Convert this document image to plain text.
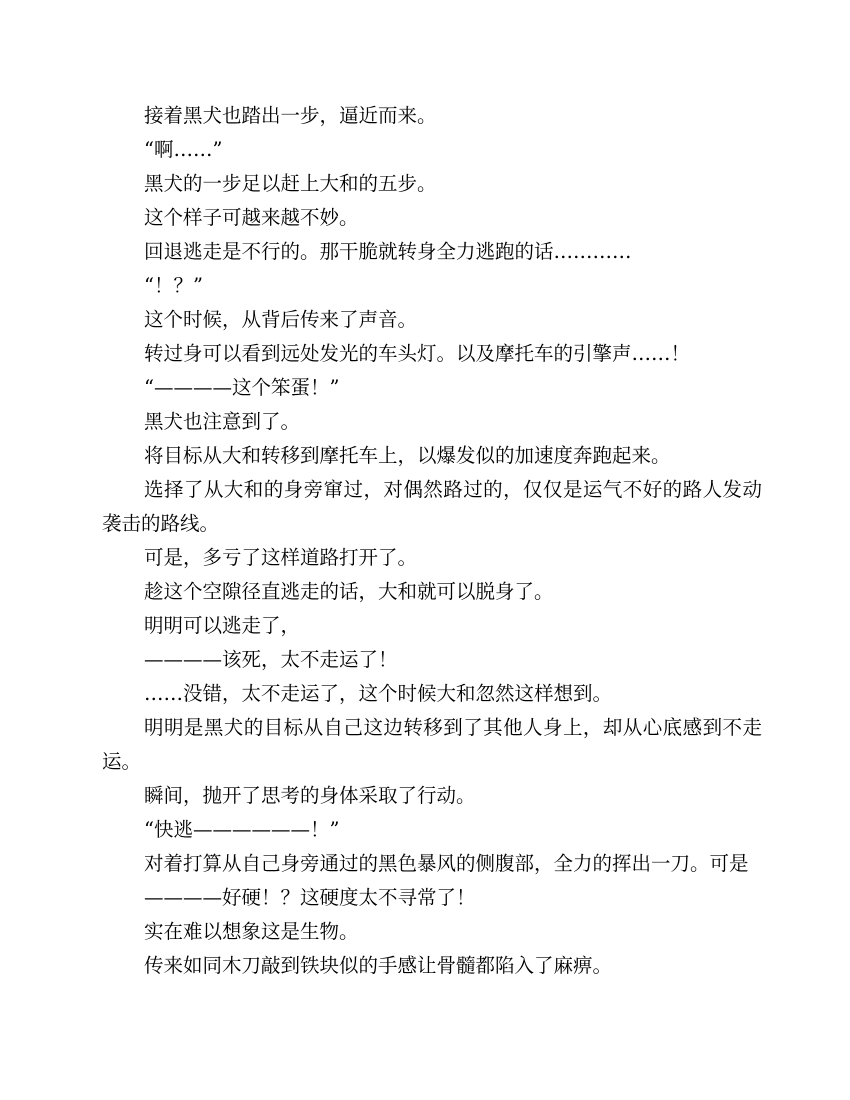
接着黑犬也踏出一步，逼近而来。

“啊……”

黑犬的一步足以赶上大和的五步。

这个样子可越来越不妙。

回退逃走是不行的。那干脆就转身全力逃跑的话…………

“！？”

这个时候，从背后传来了声音。

转过身可以看到远处发光的车头灯。以及摩托车的引擎声……！

“————这个笨蛋！”

黑犬也注意到了。

将目标从大和转移到摩托车上，以爆发似的加速度奔跑起来。

选择了从大和的身旁窜过，对偶然路过的，仅仅是运气不好的路人发动袭击的路线。

可是，多亏了这样道路打开了。

趁这个空隙径直逃走的话，大和就可以脱身了。

明明可以逃走了，

————该死，太不走运了！

……没错，太不走运了，这个时候大和忽然这样想到。

明明是黑犬的目标从自己这边转移到了其他人身上，却从心底感到不走运。

瞬间，抛开了思考的身体采取了行动。

“快逃——————！”

对着打算从自己身旁通过的黑色暴风的侧腹部，全力的挥出一刀。可是

————好硬！？这硬度太不寻常了！

实在难以想象这是生物。

传来如同木刀敲到铁块似的手感让骨髓都陷入了麻痹。
